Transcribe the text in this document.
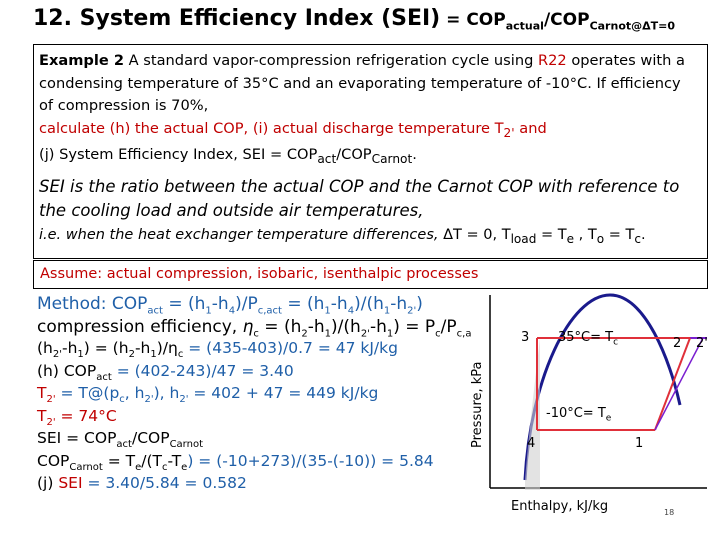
12. System Efficiency Index $(SEI) = COP_{actual}/COP_{Carnot@\Delta T=0}$
Example 2 A standard vapor-compression refrigeration cycle using R22 operates with a condensing temperature of 35°C and an evaporating temperature of -10°C. If efficiency of compression is 70%,
calculate (h) the actual COP, (i) actual discharge temperature $T_{2'}$ and
(j) System Efficiency Index, SEI = $COP_{act}/COP_{Carnot}$.
SEI is the ratio between the actual COP and the Carnot COP with reference to the cooling load and outside air temperatures,
i.e. when the heat exchanger temperature differences, ΔT = 0, $T_{load} = T_e$ , $T_o = T_c$.
Assume: actual compression, isobaric, isenthalpic processes
Method: $COP_{act} = (h_1-h_4)/P_{c,act} = (h_1-h_4)/(h_1-h_{2'})$
compression efficiency, $\eta_c = (h_2-h_1)/(h_{2'}-h_1) = P_c/P_{c,a}$
$(h_{2'}-h_1) = (h_2-h_1)/\eta_c = (435-403)/0.7 = 47$ kJ/kg
(h) $COP_{act} = (402-243)/47 = 3.40$
$T_{2'}$ = $T@(p_c$, $h_{2'}$), $h_{2'} = 402 + 47 = 449$ kJ/kg
$T_{2'} = 74^\circ C$
SEI = $COP_{act}/COP_{Carnot}$
$COP_{Carnot} = T_e/(T_c-T_e) = (-10+273)/(35-(-10)) = 5.84$
(j) SEI = 3.40/5.84 = 0.582
Pressure, kPa
3 $35^\circ C= T_c$	2 2'
$-10^\circ C= T_e$
4	1
Enthalpy, kJ/kg	18
